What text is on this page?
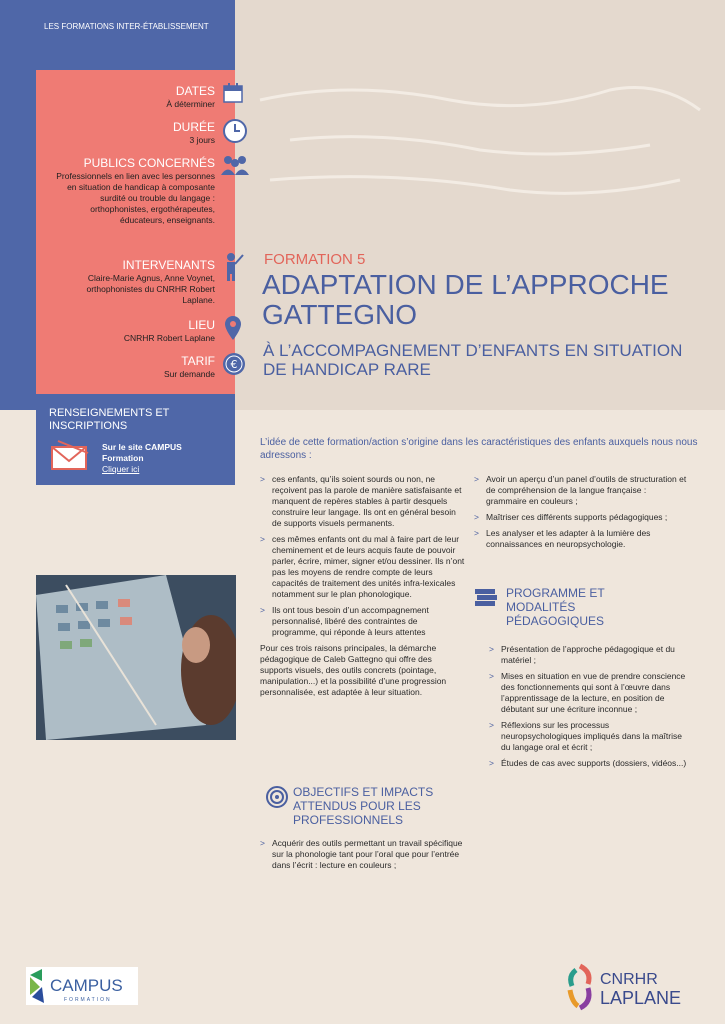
LES FORMATIONS INTER-ÉTABLISSEMENT
DATES
À déterminer
DURÉE
3 jours
PUBLICS CONCERNÉS
Professionnels en lien avec les personnes en situation de handicap à composante surdité ou trouble du langage : orthophonistes, ergothérapeutes, éducateurs, enseignants.
INTERVENANTS
Claire-Marie Agnus, Anne Voynet, orthophonistes du CNRHR Robert Laplane.
LIEU
CNRHR Robert Laplane
TARIF
Sur demande
€
RENSEIGNEMENTS ET INSCRIPTIONS
Sur le site CAMPUS Formation
Cliquer ici
FORMATION 5
ADAPTATION DE L’APPROCHE GATTEGNO
À L’ACCOMPAGNEMENT D’ENFANTS EN SITUATION DE HANDICAP RARE
L’idée de cette formation/action s’origine dans les caractéristiques des enfants auxquels nous nous adressons :
> ces enfants, qu’ils soient sourds ou non, ne reçoivent pas la parole de manière satisfaisante et manquent de repères stables à partir desquels construire leur langage. Ils ont en général besoin de supports visuels permanents.
> ces mêmes enfants ont du mal à faire part de leur cheminement et de leurs acquis faute de pouvoir parler, écrire, mimer, signer et/ou dessiner. Ils n’ont pas les moyens de rendre compte de leurs capacités de traitement des unités infra-lexicales notamment sur le plan phonologique.
> Ils ont tous besoin d’un accompagnement personnalisé, libéré des contraintes de programme, qui réponde à leurs attentes

Pour ces trois raisons principales, la démarche pédagogique de Caleb Gattegno qui offre des supports visuels, des outils concrets (pointage, manipulation...) et la possibilité d’une progression personnalisée, est adaptée à leur situation.

> Avoir un aperçu d’un panel d’outils de structuration et de compréhension de la langue française : grammaire en couleurs ;
> Maîtriser ces différents supports pédagogiques ;
> Les analyser et les adapter à la lumière des connaissances en neuropsychologie.
PROGRAMME ET MODALITÉS PÉDAGOGIQUES
> Présentation de l’approche pédagogique et du matériel ;
> Mises en situation en vue de prendre conscience des fonctionnements qui sont à l’œuvre dans l’apprentissage de la lecture, en position de débutant sur une écriture inconnue ;
> Réflexions sur les processus neuropsychologiques impliqués dans la maîtrise du langage oral et écrit ;
> Études de cas avec supports (dossiers, vidéos...)
OBJECTIFS ET IMPACTS ATTENDUS POUR LES PROFESSIONNELS
> Acquérir des outils permettant un travail spécifique sur la phonologie tant pour l’oral que pour l’entrée dans l’écrit : lecture en couleurs ;
CAMPUS
FORMATION
CNRHR
LAPLANE
